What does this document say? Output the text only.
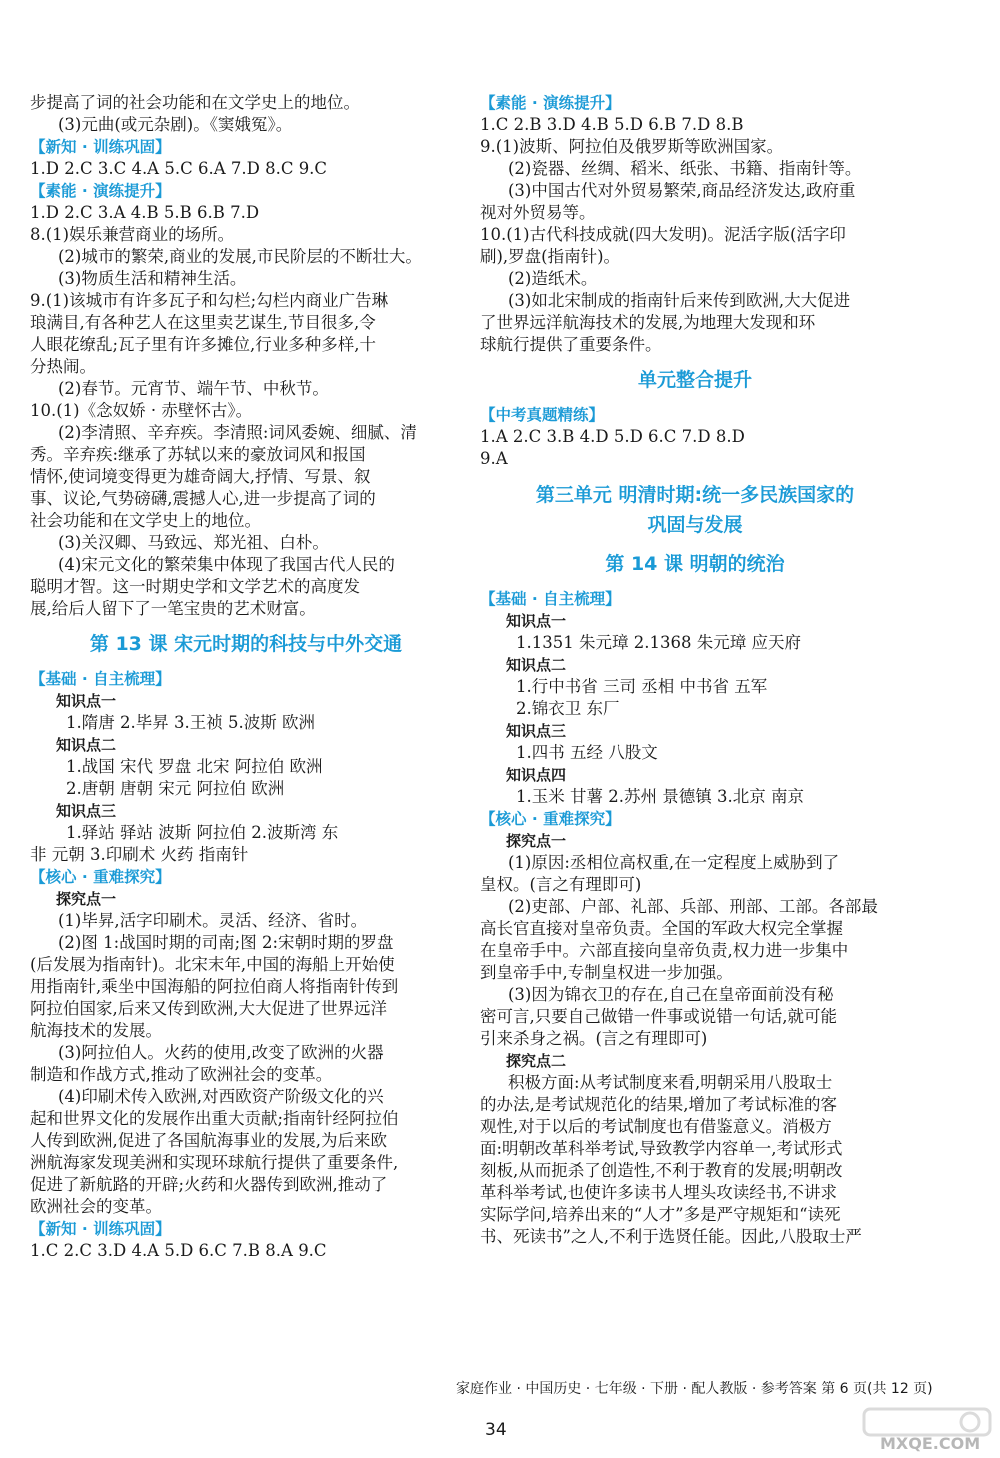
步提高了词的社会功能和在文学史上的地位。
(3)元曲(或元杂剧)。《窦娥冤》。
【新知 · 训练巩固】
1.D 2.C 3.C 4.A 5.C 6.A 7.D 8.C 9.C
【素能 · 演练提升】
1.D 2.C 3.A 4.B 5.B 6.B 7.D
8.(1)娱乐兼营商业的场所。
(2)城市的繁荣,商业的发展,市民阶层的不断壮大。
(3)物质生活和精神生活。
9.(1)该城市有许多瓦子和勾栏;勾栏内商业广告琳
琅满目,有各种艺人在这里卖艺谋生,节目很多,令
人眼花缭乱;瓦子里有许多摊位,行业多种多样,十
分热闹。
(2)春节。元宵节、端午节、中秋节。
10.(1)《念奴娇 · 赤壁怀古》。
(2)李清照、辛弃疾。李清照:词风委婉、细腻、清
秀。辛弃疾:继承了苏轼以来的豪放词风和报国
情怀,使词境变得更为雄奇阔大,抒情、写景、叙
事、议论,气势磅礴,震撼人心,进一步提高了词的
社会功能和在文学史上的地位。
(3)关汉卿、马致远、郑光祖、白朴。
(4)宋元文化的繁荣集中体现了我国古代人民的
聪明才智。这一时期史学和文学艺术的高度发
展,给后人留下了一笔宝贵的艺术财富。
第 13 课 宋元时期的科技与中外交通
【基础 · 自主梳理】
知识点一
1.隋唐 2.毕昇 3.王祯 5.波斯 欧洲
知识点二
1.战国 宋代 罗盘 北宋 阿拉伯 欧洲
2.唐朝 唐朝 宋元 阿拉伯 欧洲
知识点三
1.驿站 驿站 波斯 阿拉伯 2.波斯湾 东
非 元朝 3.印刷术 火药 指南针
【核心 · 重难探究】
探究点一
(1)毕昇,活字印刷术。灵活、经济、省时。
(2)图 1:战国时期的司南;图 2:宋朝时期的罗盘
(后发展为指南针)。北宋末年,中国的海船上开始使
用指南针,乘坐中国海船的阿拉伯商人将指南针传到
阿拉伯国家,后来又传到欧洲,大大促进了世界远洋
航海技术的发展。
(3)阿拉伯人。火药的使用,改变了欧洲的火器
制造和作战方式,推动了欧洲社会的变革。
(4)印刷术传入欧洲,对西欧资产阶级文化的兴
起和世界文化的发展作出重大贡献;指南针经阿拉伯
人传到欧洲,促进了各国航海事业的发展,为后来欧
洲航海家发现美洲和实现环球航行提供了重要条件,
促进了新航路的开辟;火药和火器传到欧洲,推动了
欧洲社会的变革。
【新知 · 训练巩固】
1.C 2.C 3.D 4.A 5.D 6.C 7.B 8.A 9.C
【素能 · 演练提升】
1.C 2.B 3.D 4.B 5.D 6.B 7.D 8.B
9.(1)波斯、阿拉伯及俄罗斯等欧洲国家。
(2)瓷器、丝绸、稻米、纸张、书籍、指南针等。
(3)中国古代对外贸易繁荣,商品经济发达,政府重
视对外贸易等。
10.(1)古代科技成就(四大发明)。泥活字版(活字印
刷),罗盘(指南针)。
(2)造纸术。
(3)如北宋制成的指南针后来传到欧洲,大大促进
了世界远洋航海技术的发展,为地理大发现和环
球航行提供了重要条件。
单元整合提升
【中考真题精练】
1.A 2.C 3.B 4.D 5.D 6.C 7.D 8.D
9.A
第三单元 明清时期:统一多民族国家的
巩固与发展
第 14 课 明朝的统治
【基础 · 自主梳理】
知识点一
1.1351 朱元璋 2.1368 朱元璋 应天府
知识点二
1.行中书省 三司 丞相 中书省 五军
2.锦衣卫 东厂
知识点三
1.四书 五经 八股文
知识点四
1.玉米 甘薯 2.苏州 景德镇 3.北京 南京
【核心 · 重难探究】
探究点一
(1)原因:丞相位高权重,在一定程度上威胁到了
皇权。(言之有理即可)
(2)吏部、户部、礼部、兵部、刑部、工部。各部最
高长官直接对皇帝负责。全国的军政大权完全掌握
在皇帝手中。六部直接向皇帝负责,权力进一步集中
到皇帝手中,专制皇权进一步加强。
(3)因为锦衣卫的存在,自己在皇帝面前没有秘
密可言,只要自己做错一件事或说错一句话,就可能
引来杀身之祸。(言之有理即可)
探究点二
积极方面:从考试制度来看,明朝采用八股取士
的办法,是考试规范化的结果,增加了考试标准的客
观性,对于以后的考试制度也有借鉴意义。消极方
面:明朝改革科举考试,导致教学内容单一,考试形式
刻板,从而扼杀了创造性,不利于教育的发展;明朝改
革科举考试,也使许多读书人埋头攻读经书,不讲求
实际学问,培养出来的“人才”多是严守规矩和“读死
书、死读书”之人,不利于选贤任能。因此,八股取士严
家庭作业 · 中国历史 · 七年级 · 下册 · 配人教版 · 参考答案 第 6 页(共 12 页)
34
MXQE.COM
